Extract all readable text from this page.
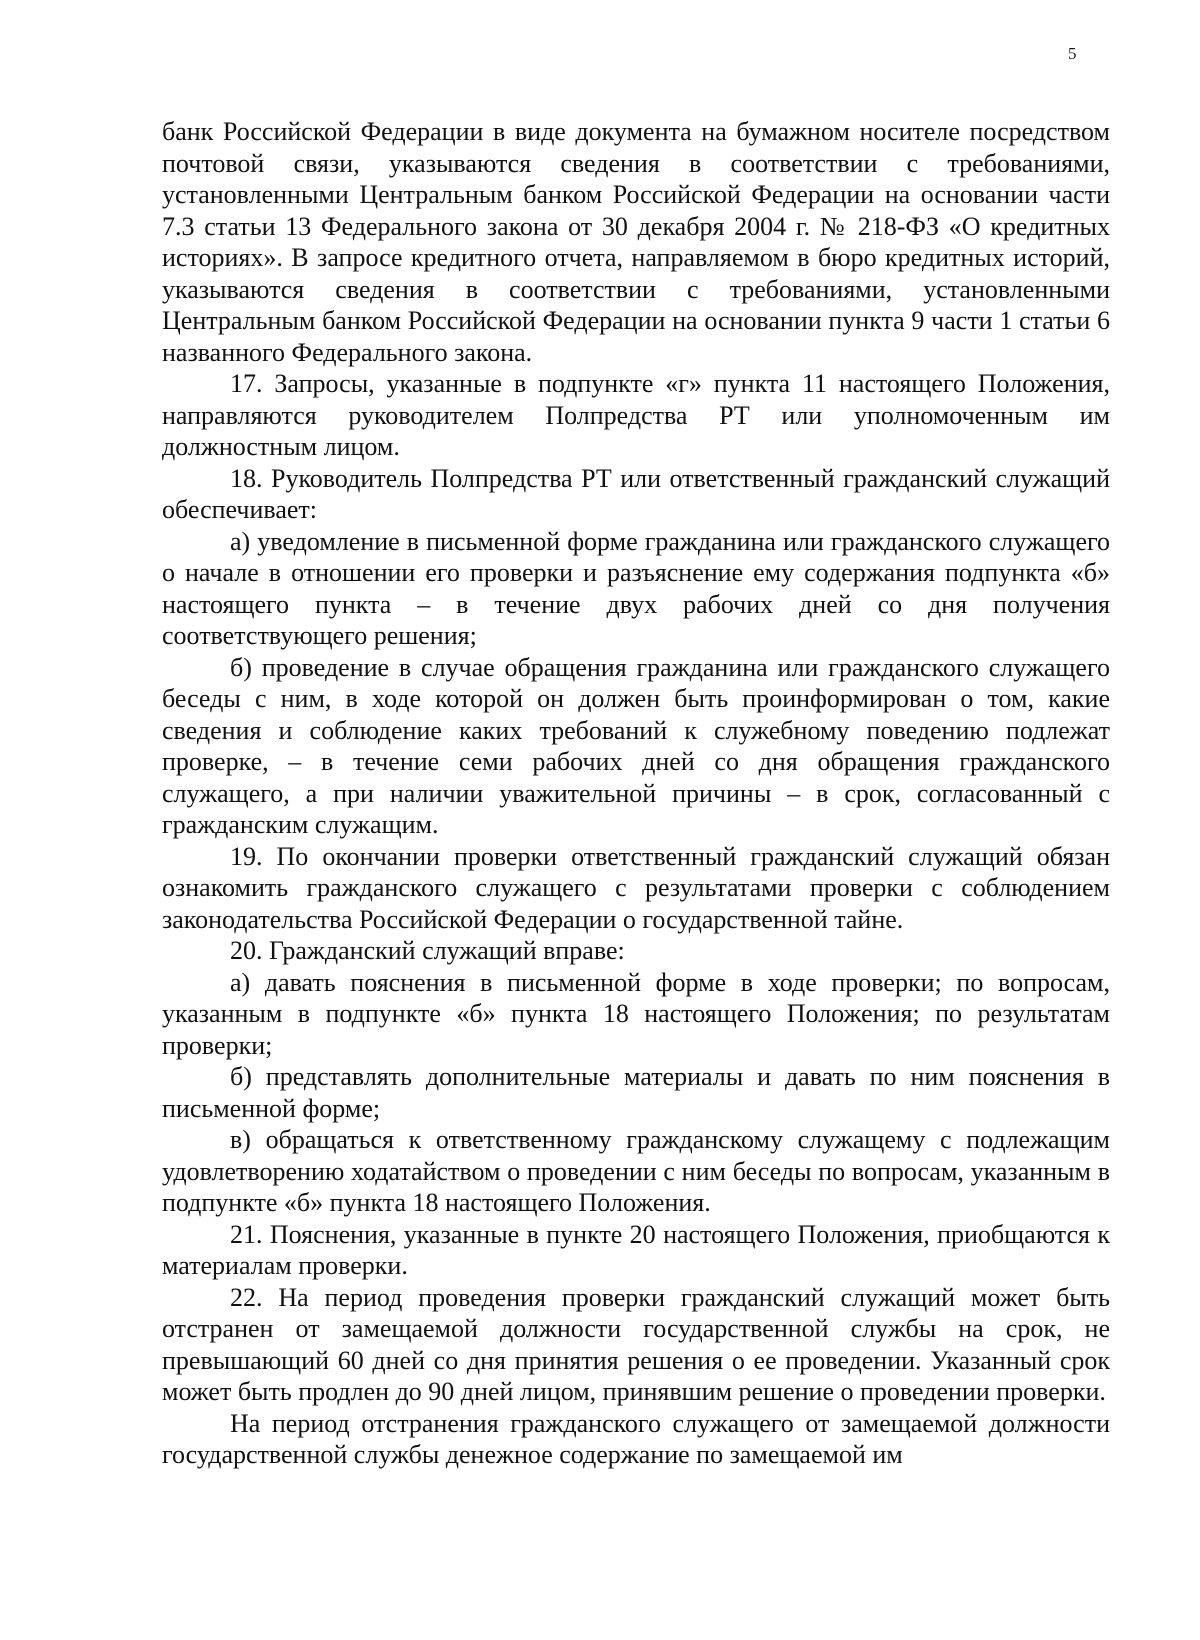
5

банк Российской Федерации в виде документа на бумажном носителе посредством почтовой связи, указываются сведения в соответствии с требованиями, установленными Центральным банком Российской Федерации на основании части 7.3 статьи 13 Федерального закона от 30 декабря 2004 г. № 218-ФЗ «О кредитных историях». В запросе кредитного отчета, направляемом в бюро кредитных историй, указываются сведения в соответствии с требованиями, установленными Центральным банком Российской Федерации на основании пункта 9 части 1 статьи 6 названного Федерального закона.

17. Запросы, указанные в подпункте «г» пункта 11 настоящего Положения, направляются руководителем Полпредства РТ или уполномоченным им должностным лицом.

18. Руководитель Полпредства РТ или ответственный гражданский служащий обеспечивает:

а) уведомление в письменной форме гражданина или гражданского служащего о начале в отношении его проверки и разъяснение ему содержания подпункта «б» настоящего пункта – в течение двух рабочих дней со дня получения соответствующего решения;

б) проведение в случае обращения гражданина или гражданского служащего беседы с ним, в ходе которой он должен быть проинформирован о том, какие сведения и соблюдение каких требований к служебному поведению подлежат проверке, – в течение семи рабочих дней со дня обращения гражданского служащего, а при наличии уважительной причины – в срок, согласованный с гражданским служащим.

19. По окончании проверки ответственный гражданский служащий обязан ознакомить гражданского служащего с результатами проверки с соблюдением законодательства Российской Федерации о государственной тайне.

20. Гражданский служащий вправе:

а) давать пояснения в письменной форме в ходе проверки; по вопросам, указанным в подпункте «б» пункта 18 настоящего Положения; по результатам проверки;

б) представлять дополнительные материалы и давать по ним пояснения в письменной форме;

в) обращаться к ответственному гражданскому служащему с подлежащим удовлетворению ходатайством о проведении с ним беседы по вопросам, указанным в подпункте «б» пункта 18 настоящего Положения.

21. Пояснения, указанные в пункте 20 настоящего Положения, приобщаются к материалам проверки.

22. На период проведения проверки гражданский служащий может быть отстранен от замещаемой должности государственной службы на срок, не превышающий 60 дней со дня принятия решения о ее проведении. Указанный срок может быть продлен до 90 дней лицом, принявшим решение о проведении проверки.

На период отстранения гражданского служащего от замещаемой должности государственной службы денежное содержание по замещаемой им
